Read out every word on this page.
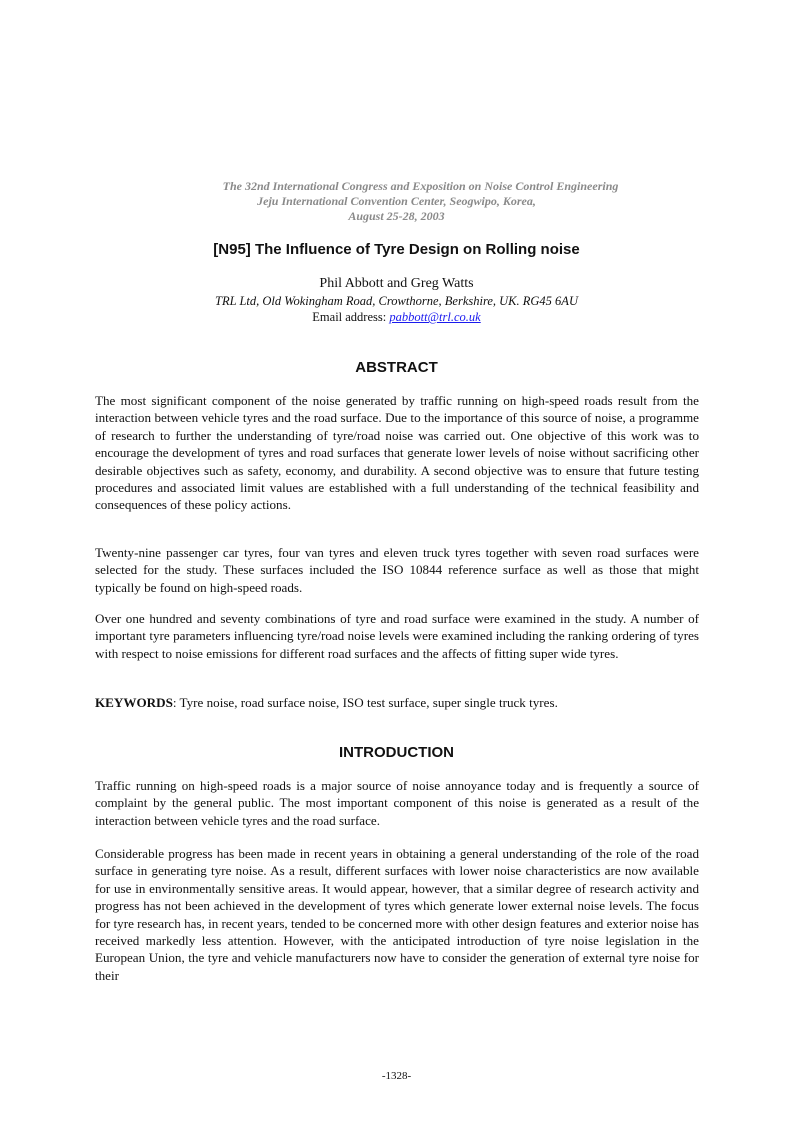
The 32nd International Congress and Exposition on Noise Control Engineering
Jeju International Convention Center, Seogwipo, Korea,
August 25-28, 2003
[N95] The Influence of Tyre Design on Rolling noise
Phil Abbott and Greg Watts
TRL Ltd, Old Wokingham Road, Crowthorne, Berkshire, UK. RG45 6AU
Email address: pabbott@trl.co.uk
ABSTRACT

The most significant component of the noise generated by traffic running on high-speed roads result from the interaction between vehicle tyres and the road surface. Due to the importance of this source of noise, a programme of research to further the understanding of tyre/road noise was carried out. One objective of this work was to encourage the development of tyres and road surfaces that generate lower levels of noise without sacrificing other desirable objectives such as safety, economy, and durability. A second objective was to ensure that future testing procedures and associated limit values are established with a full understanding of the technical feasibility and consequences of these policy actions.

Twenty-nine passenger car tyres, four van tyres and eleven truck tyres together with seven road surfaces were selected for the study. These surfaces included the ISO 10844 reference surface as well as those that might typically be found on high-speed roads.

Over one hundred and seventy combinations of tyre and road surface were examined in the study. A number of important tyre parameters influencing tyre/road noise levels were examined including the ranking ordering of tyres with respect to noise emissions for different road surfaces and the affects of fitting super wide tyres.

KEYWORDS: Tyre noise, road surface noise, ISO test surface, super single truck tyres.

INTRODUCTION

Traffic running on high-speed roads is a major source of noise annoyance today and is frequently a source of complaint by the general public. The most important component of this noise is generated as a result of the interaction between vehicle tyres and the road surface.

Considerable progress has been made in recent years in obtaining a general understanding of the role of the road surface in generating tyre noise. As a result, different surfaces with lower noise characteristics are now available for use in environmentally sensitive areas. It would appear, however, that a similar degree of research activity and progress has not been achieved in the development of tyres which generate lower external noise levels. The focus for tyre research has, in recent years, tended to be concerned more with other design features and exterior noise has received markedly less attention. However, with the anticipated introduction of tyre noise legislation in the European Union, the tyre and vehicle manufacturers now have to consider the generation of external tyre noise for their

-1328-
